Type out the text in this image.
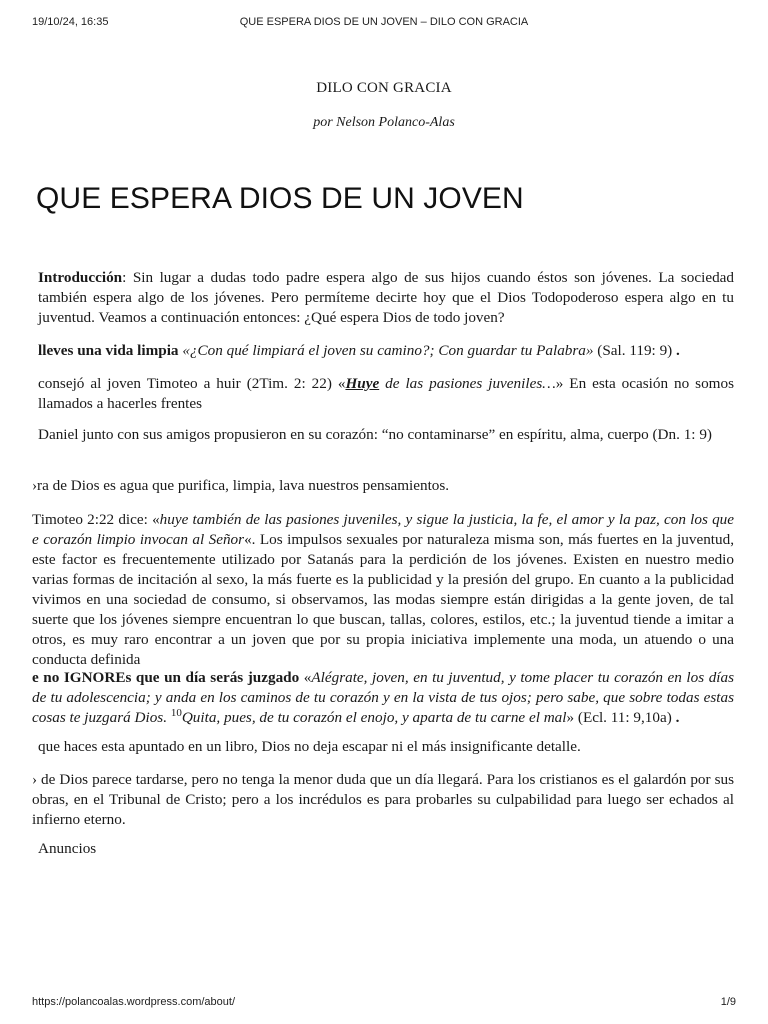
19/10/24, 16:35	QUE ESPERA DIOS DE UN JOVEN – DILO CON GRACIA
DILO CON GRACIA
por Nelson Polanco-Alas
QUE ESPERA DIOS DE UN JOVEN
Introducción: Sin lugar a dudas todo padre espera algo de sus hijos cuando éstos son jóvenes. La sociedad también espera algo de los jóvenes. Pero permíteme decirte hoy que el Dios Todopoderoso espera algo en tu juventud. Veamos a continuación entonces: ¿Qué espera Dios de todo joven?
lleves una vida limpia «¿Con qué limpiará el joven su camino?; Con guardar tu Palabra» (Sal. 119: 9) .
consejó al joven Timoteo a huir (2Tim. 2: 22) «Huye de las pasiones juveniles…» En esta ocasión no somos llamados a hacerles frentes
Daniel junto con sus amigos propusieron en su corazón: “no contaminarse” en espíritu, alma, cuerpo (Dn. 1: 9)
›ra de Dios es agua que purifica, limpia, lava nuestros pensamientos.
Timoteo 2:22 dice: «huye también de las pasiones juveniles, y sigue la justicia, la fe, el amor y la paz, con los que e corazón limpio invocan al Señor«. Los impulsos sexuales por naturaleza misma son, más fuertes en la juventud, este factor es frecuentemente utilizado por Satanás para la perdición de los jóvenes. Existen en nuestro medio varias formas de incitación al sexo, la más fuerte es la publicidad y la presión del grupo. En cuanto a la publicidad vivimos en una sociedad de consumo, si observamos, las modas siempre están dirigidas a la gente joven, de tal suerte que los jóvenes siempre encuentran lo que buscan, tallas, colores, estilos, etc.; la juventud tiende a imitar a otros, es muy raro encontrar a un joven que por su propia iniciativa implemente una moda, un atuendo o una conducta definida
e no IGNOREs que un día serás juzgado «Alégrate, joven, en tu juventud, y tome placer tu corazón en los días de tu adolescencia; y anda en los caminos de tu corazón y en la vista de tus ojos; pero sabe, que sobre todas estas cosas te juzgará Dios. $^{10}$Quita, pues, de tu corazón el enojo, y aparta de tu carne el mal» (Ecl. 11: 9,10a) .
que haces esta apuntado en un libro, Dios no deja escapar ni el más insignificante detalle.
› de Dios parece tardarse, pero no tenga la menor duda que un día llegará. Para los cristianos es el galardón por sus obras, en el Tribunal de Cristo; pero a los incrédulos es para probarles su culpabilidad para luego ser echados al infierno eterno.
Anuncios
https://polancoalas.wordpress.com/about/	1/9
